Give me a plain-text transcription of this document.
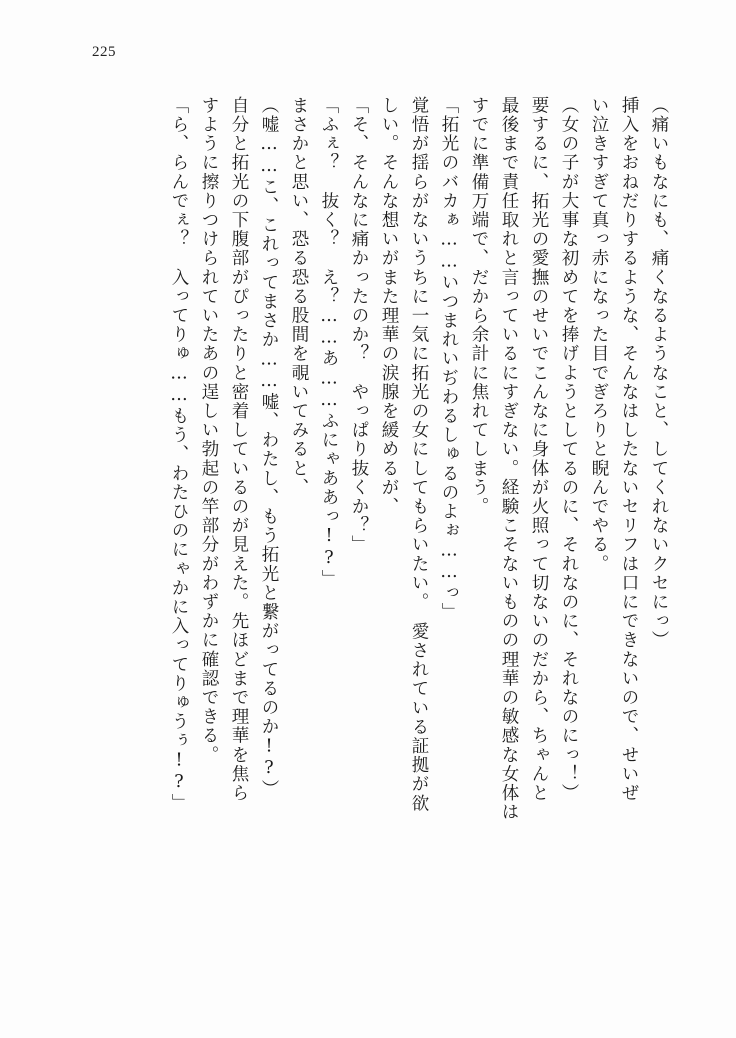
225
（痛いもなにも、痛くなるようなこと、してくれないクセにっ）
挿入をおねだりするような、そんなはしたないセリフは口にできないので、せいぜ
い泣きすぎて真っ赤になった目でぎろりと睨んでやる。
（女の子が大事な初めてを捧げようとしてるのに、それなのに、それなのにっ！）
要するに、拓光の愛撫のせいでこんなに身体が火照って切ないのだから、ちゃんと
最後まで責任取れと言っているにすぎない。経験こそないものの理華の敏感な女体は
すでに準備万端で、だから余計に焦れてしまう。
「拓光のバカぁ……いつまれいぢわるしゅるのよぉ……っ」
覚悟が揺らがないうちに一気に拓光の女にしてもらいたい。　愛されている証拠が欲
しい。そんな想いがまた理華の涙腺を緩めるが、
「そ、そんなに痛かったのか？　やっぱり抜くか？」
「ふぇ？　抜く？　え？……あ……ふにゃああっ!?」
まさかと思い、恐る恐る股間を覗いてみると、
（嘘……こ、これってまさか……嘘、わたし、もう拓光と繋がってるのか!?）
自分と拓光の下腹部がぴったりと密着しているのが見えた。先ほどまで理華を焦ら
すように擦りつけられていたあの逞しい勃起の竿部分がわずかに確認できる。
「ら、らんでぇ？　入ってりゅ……もう、わたひのにゃかに入ってりゅうぅ!?」
